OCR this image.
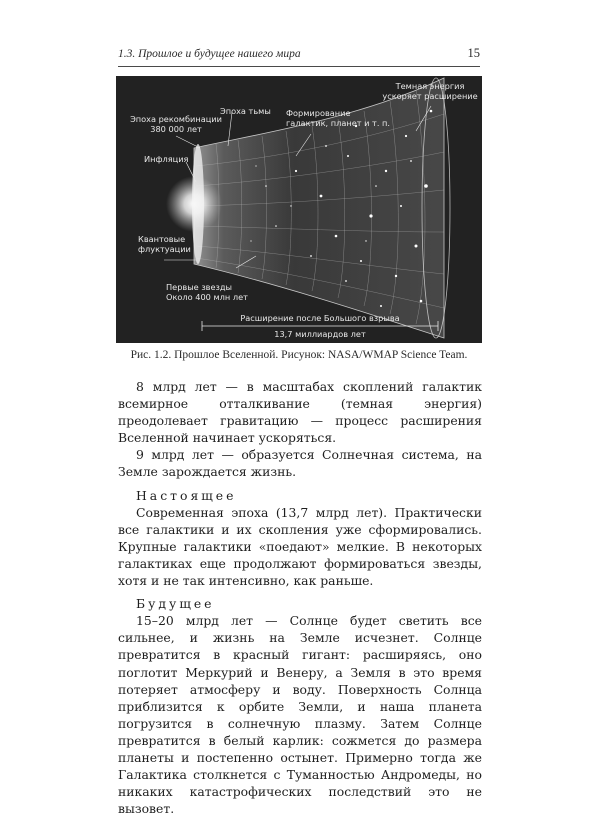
1.3. Прошлое и будущее нашего мира	15
Эпоха рекомбинации
380 000 лет
Эпоха тьмы Формирование
галактик, планет и т. п.
Темная энергия
ускоряет расширение
Инфляция
Квантовые
флуктуации
Первые звезды
Около 400 млн лет
Расширение после Большого взрыва
13,7 миллиардов лет
Рис. 1.2. Прошлое Вселенной. Рисунок: NASA/WMAP Science Team.

8 млрд лет — в масштабах скоплений галактик всемирное отталкивание (темная энергия) преодолевает гравитацию — процесс расширения Вселенной начинает ускоряться.

9 млрд лет — образуется Солнечная система, на Земле зарождается жизнь.

Настоящее

Современная эпоха (13,7 млрд лет). Практически все галактики и их скопления уже сформировались. Крупные галактики «поедают» мелкие. В некоторых галактиках еще продолжают формироваться звезды, хотя и не так интенсивно, как раньше.

Будущее

15–20 млрд лет — Солнце будет светить все сильнее, и жизнь на Земле исчезнет. Солнце превратится в красный гигант: расширяясь, оно поглотит Меркурий и Венеру, а Земля в это время потеряет атмосферу и воду. Поверхность Солнца приблизится к орбите Земли, и наша планета погрузится в солнечную плазму. Затем Солнце превратится в белый карлик: сожмется до размера планеты и постепенно остынет. Примерно тогда же Галактика столкнется с Туманностью Андромеды, но никаких катастрофических последствий это не вызовет.
